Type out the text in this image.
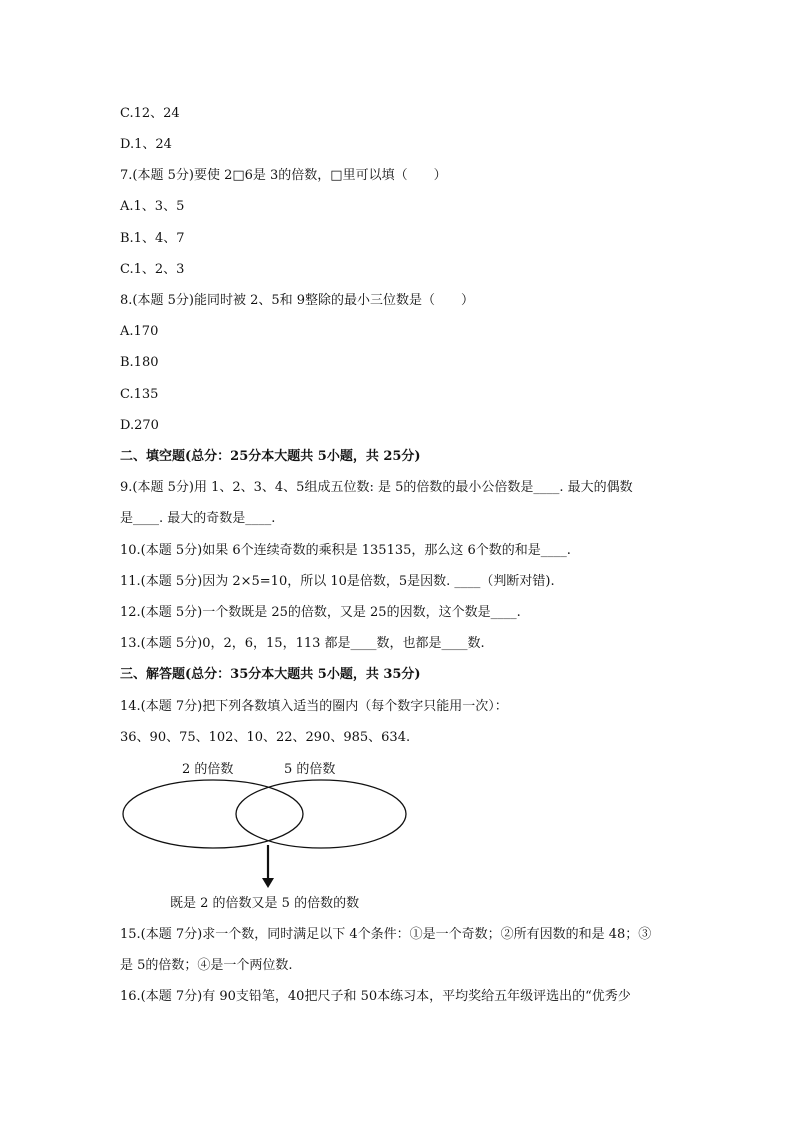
C.12、24
D.1、24
7.(本题 5分)要使 2□6是 3的倍数，□里可以填（　　）
A.1、3、5
B.1、4、7
C.1、2、3
8.(本题 5分)能同时被 2、5和 9整除的最小三位数是（　　）
A.170
B.180
C.135
D.270
二、填空题(总分：25分本大题共 5小题，共 25分)
9.(本题 5分)用 1、2、3、4、5组成五位数: 是 5的倍数的最小公倍数是____. 最大的偶数
是____. 最大的奇数是____.
10.(本题 5分)如果 6个连续奇数的乘积是 135135，那么这 6个数的和是____.
11.(本题 5分)因为 2×5=10，所以 10是倍数，5是因数. ____（判断对错).
12.(本题 5分)一个数既是 25的倍数，又是 25的因数，这个数是____.
13.(本题 5分)0，2，6，15，113 都是____数，也都是____数.
三、解答题(总分：35分本大题共 5小题，共 35分)
14.(本题 7分)把下列各数填入适当的圈内（每个数字只能用一次）：
36、90、75、102、10、22、290、985、634.
2 的倍数	5 的倍数
既是 2 的倍数又是 5 的倍数的数
15.(本题 7分)求一个数，同时满足以下 4个条件：①是一个奇数；②所有因数的和是 48；③
是 5的倍数；④是一个两位数.
16.(本题 7分)有 90支铅笔，40把尺子和 50本练习本，平均奖给五年级评选出的“优秀少
